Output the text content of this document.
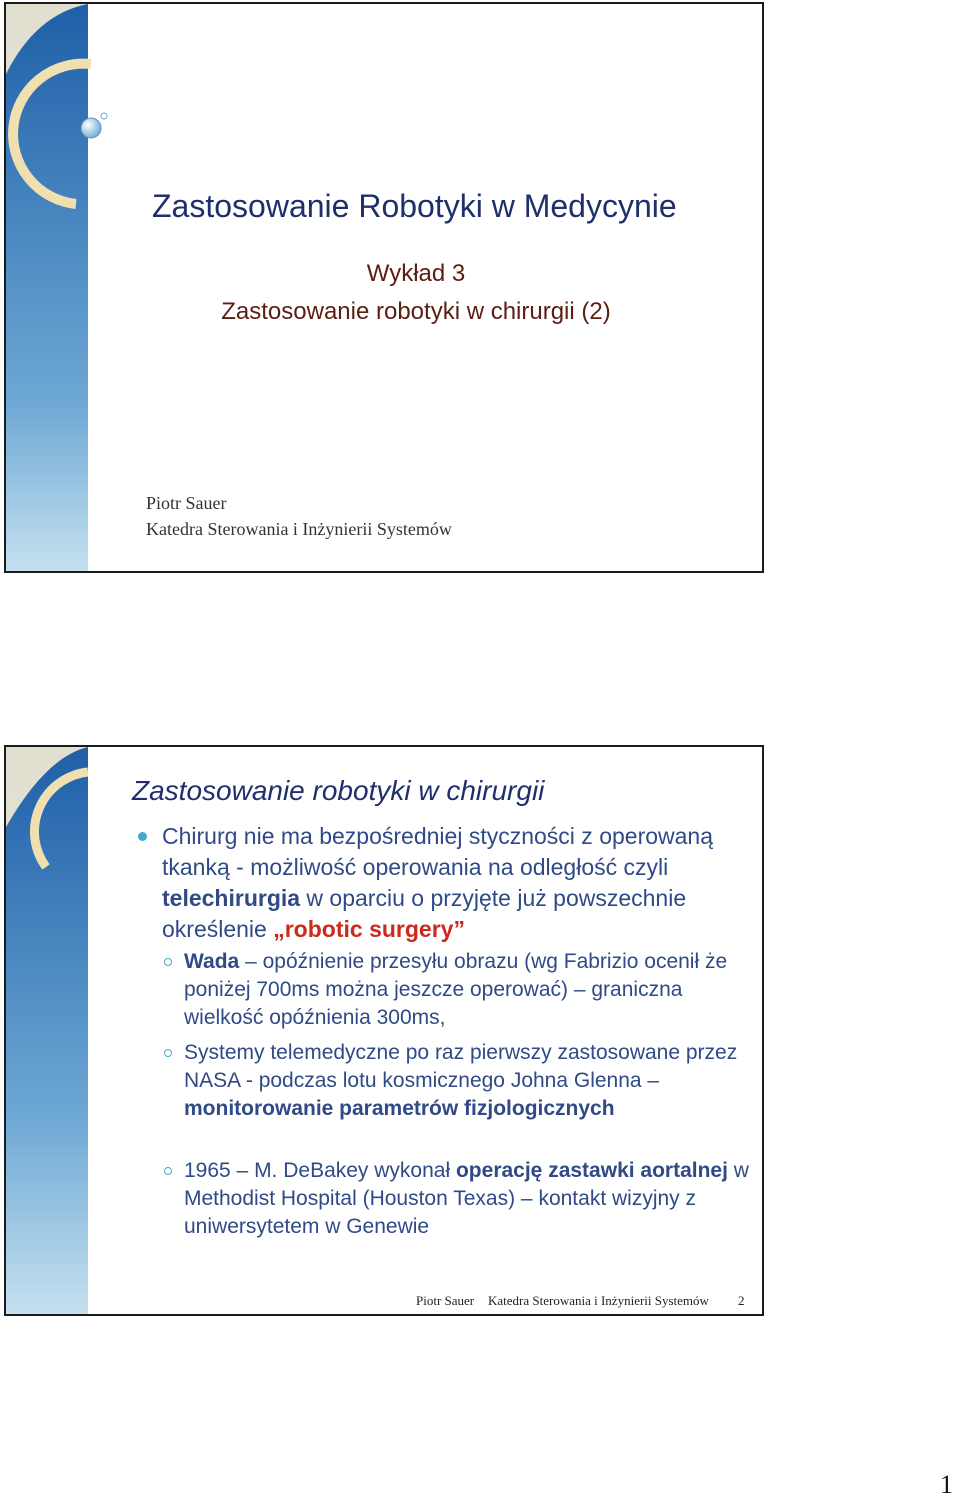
Zastosowanie Robotyki w Medycynie
Wykład 3
Zastosowanie robotyki w chirurgii (2)
Piotr Sauer
Katedra Sterowania i Inżynierii Systemów
Zastosowanie robotyki w chirurgii
Chirurg nie ma bezpośredniej styczności z operowaną tkanką - możliwość operowania na odległość czyli telechirurgia w oparciu o przyjęte już powszechnie określenie „robotic surgery”
Wada – opóźnienie przesyłu obrazu (wg Fabrizio ocenił że poniżej 700ms można jeszcze operować) – graniczna wielkość opóźnienia 300ms,
Systemy telemedyczne po raz pierwszy zastosowane przez NASA - podczas lotu kosmicznego Johna Glenna – monitorowanie parametrów fizjologicznych
1965 – M. DeBakey wykonał operację zastawki aortalnej w Methodist Hospital (Houston Texas) – kontakt wizyjny z uniwersytetem w Genewie
Piotr Sauer Katedra Sterowania i Inżynierii Systemów 2
1
